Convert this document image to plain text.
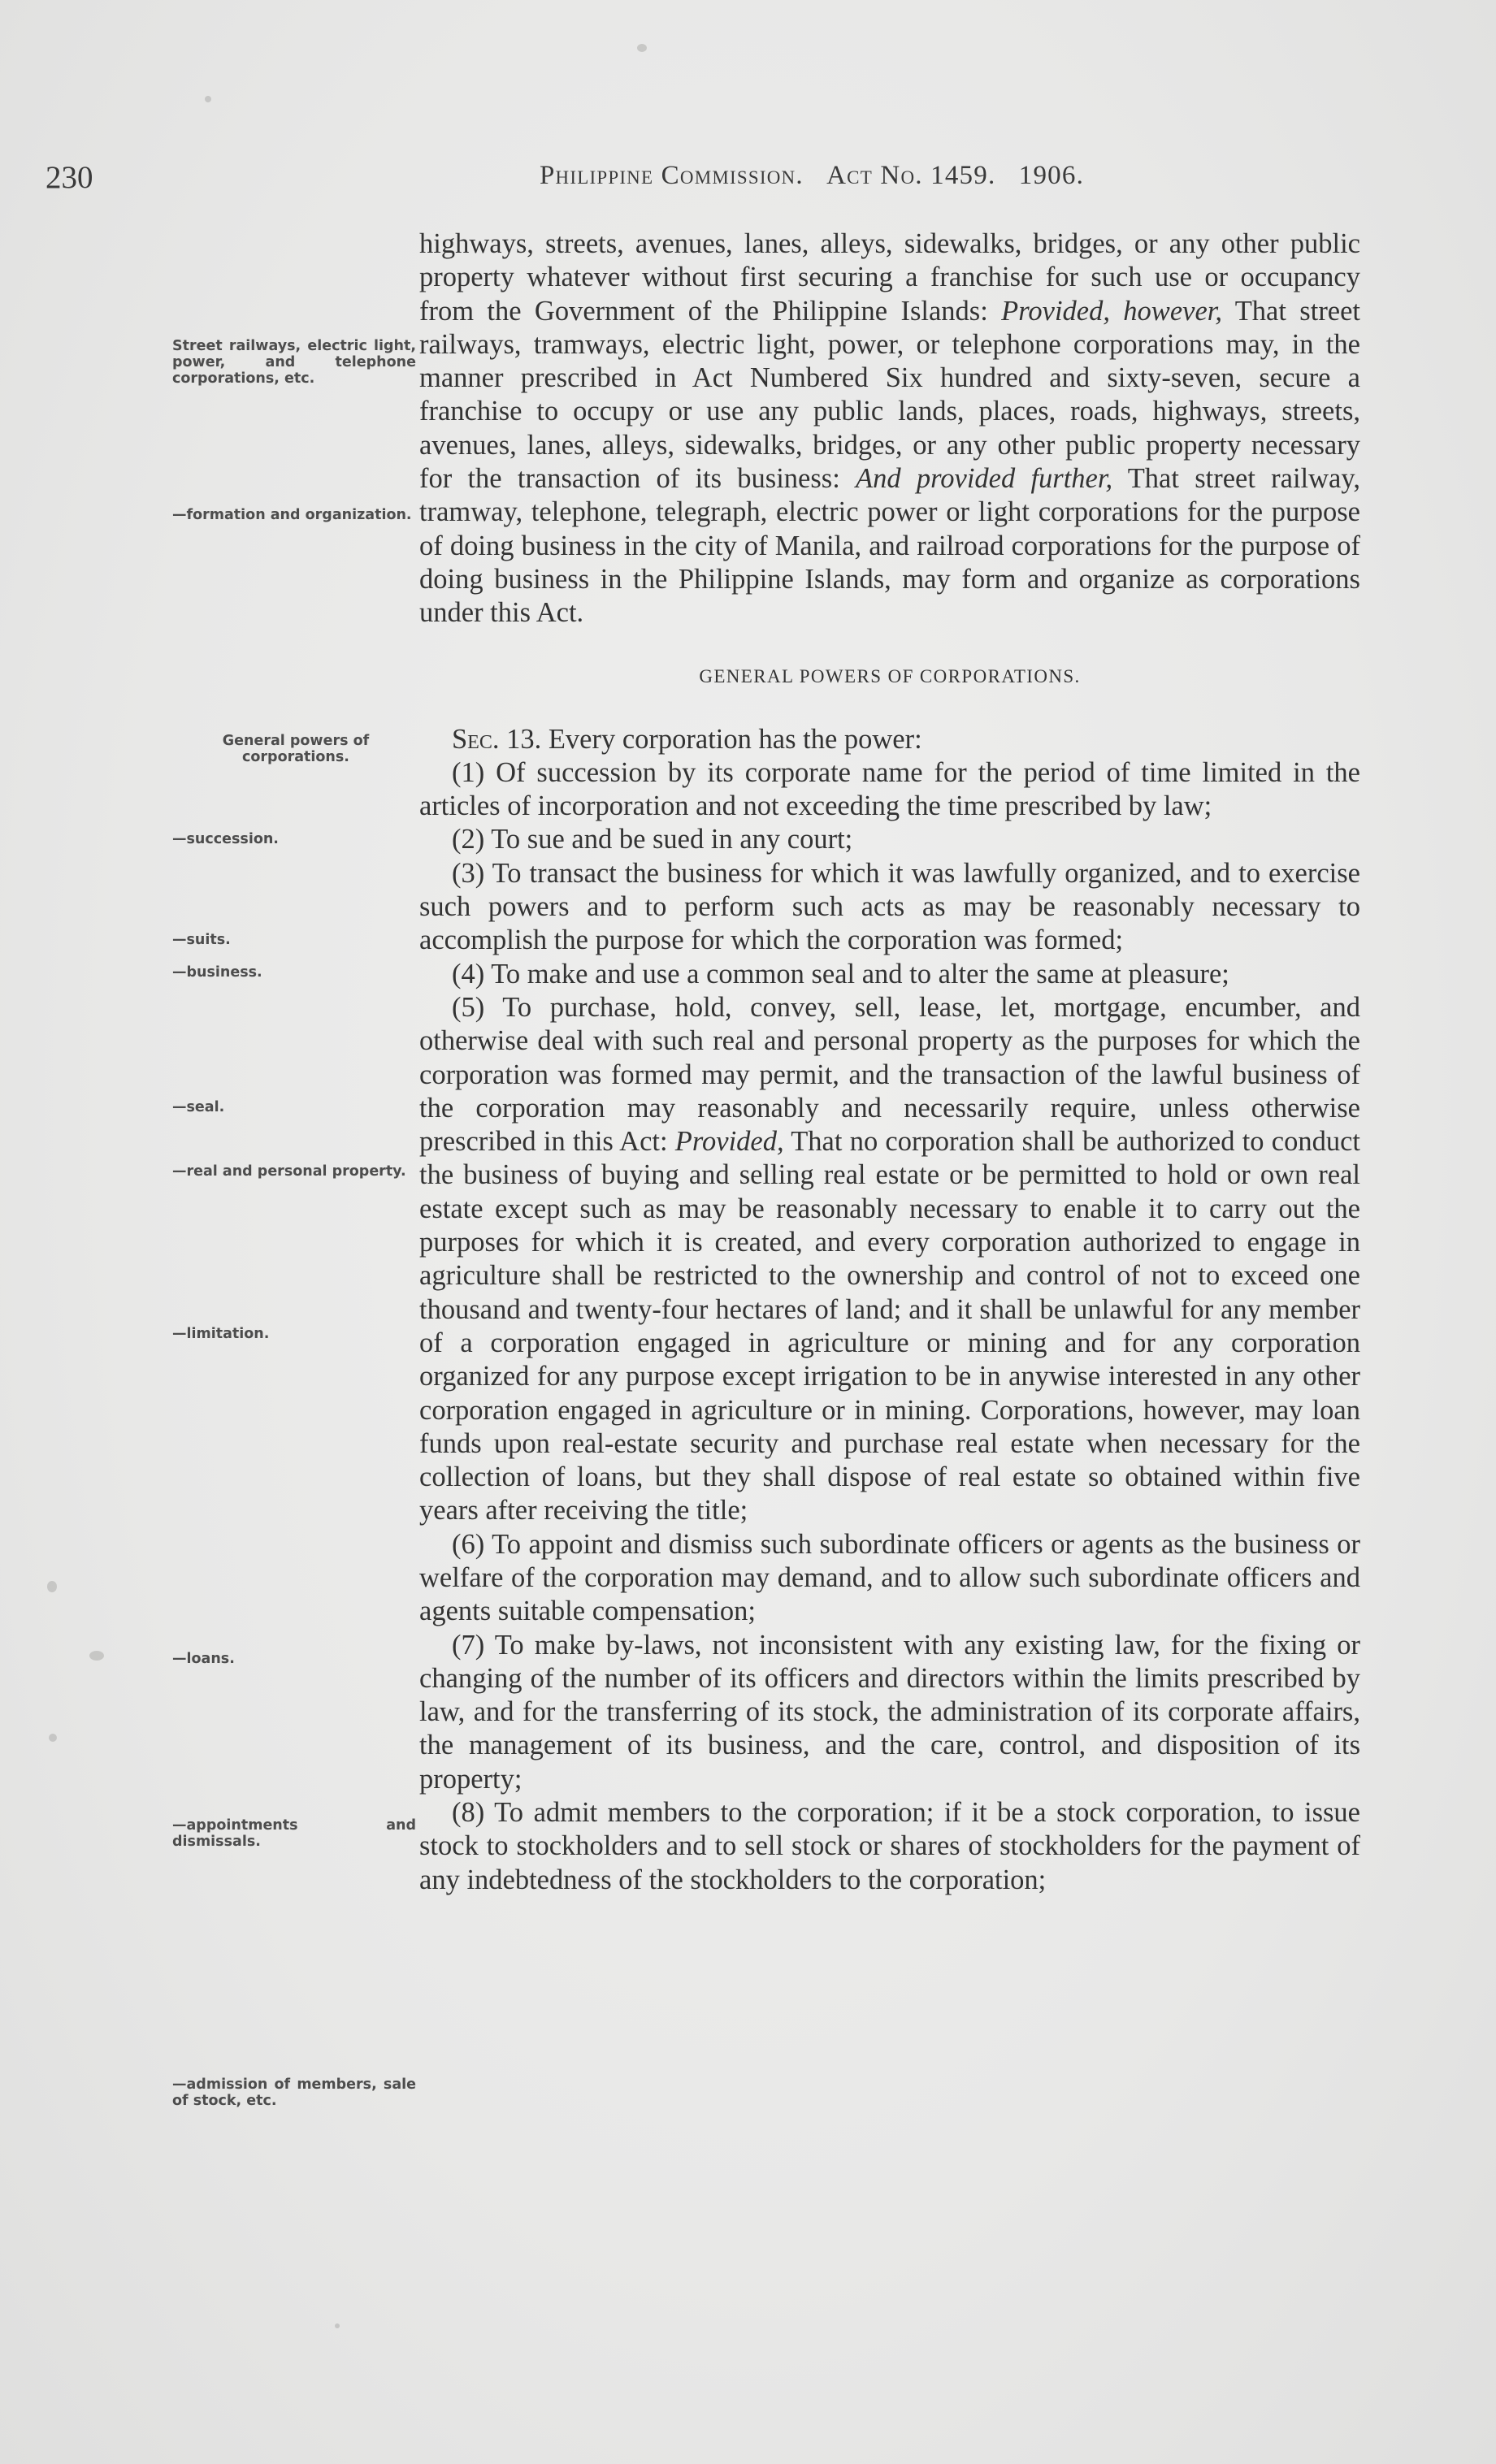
230	Philippine Commission. Act No. 1459. 1906.
Street railways, electric light, power, and telephone corporations, etc.
—formation and organization.
General powers of corporations.
—succession.
—suits.
—business.
—seal.
—real and personal property.
—limitation.
—loans.
—appointments and dismissals.
—admission of members, sale of stock, etc.

highways, streets, avenues, lanes, alleys, sidewalks, bridges, or any other public property whatever without first securing a franchise for such use or occupancy from the Government of the Philippine Islands: Provided, however, That street railways, tramways, electric light, power, or telephone corporations may, in the manner prescribed in Act Numbered Six hundred and sixty-seven, secure a franchise to occupy or use any public lands, places, roads, highways, streets, avenues, lanes, alleys, sidewalks, bridges, or any other public property necessary for the transaction of its business: And provided further, That street railway, tramway, telephone, telegraph, electric power or light corporations for the purpose of doing business in the city of Manila, and railroad corporations for the purpose of doing business in the Philippine Islands, may form and organize as corporations under this Act.

GENERAL POWERS OF CORPORATIONS.

Sec. 13. Every corporation has the power:

(1) Of succession by its corporate name for the period of time limited in the articles of incorporation and not exceeding the time prescribed by law;

(2) To sue and be sued in any court;

(3) To transact the business for which it was lawfully organized, and to exercise such powers and to perform such acts as may be reasonably necessary to accomplish the purpose for which the corporation was formed;

(4) To make and use a common seal and to alter the same at pleasure;

(5) To purchase, hold, convey, sell, lease, let, mortgage, encumber, and otherwise deal with such real and personal property as the purposes for which the corporation was formed may permit, and the transaction of the lawful business of the corporation may reasonably and necessarily require, unless otherwise prescribed in this Act: Provided, That no corporation shall be authorized to conduct the business of buying and selling real estate or be permitted to hold or own real estate except such as may be reasonably necessary to enable it to carry out the purposes for which it is created, and every corporation authorized to engage in agriculture shall be restricted to the ownership and control of not to exceed one thousand and twenty-four hectares of land; and it shall be unlawful for any member of a corporation engaged in agriculture or mining and for any corporation organized for any purpose except irrigation to be in anywise interested in any other corporation engaged in agriculture or in mining. Corporations, however, may loan funds upon real-estate security and purchase real estate when necessary for the collection of loans, but they shall dispose of real estate so obtained within five years after receiving the title;

(6) To appoint and dismiss such subordinate officers or agents as the business or welfare of the corporation may demand, and to allow such subordinate officers and agents suitable compensation;

(7) To make by-laws, not inconsistent with any existing law, for the fixing or changing of the number of its officers and directors within the limits prescribed by law, and for the transferring of its stock, the administration of its corporate affairs, the management of its business, and the care, control, and disposition of its property;

(8) To admit members to the corporation; if it be a stock corporation, to issue stock to stockholders and to sell stock or shares of stockholders for the payment of any indebtedness of the stockholders to the corporation;
